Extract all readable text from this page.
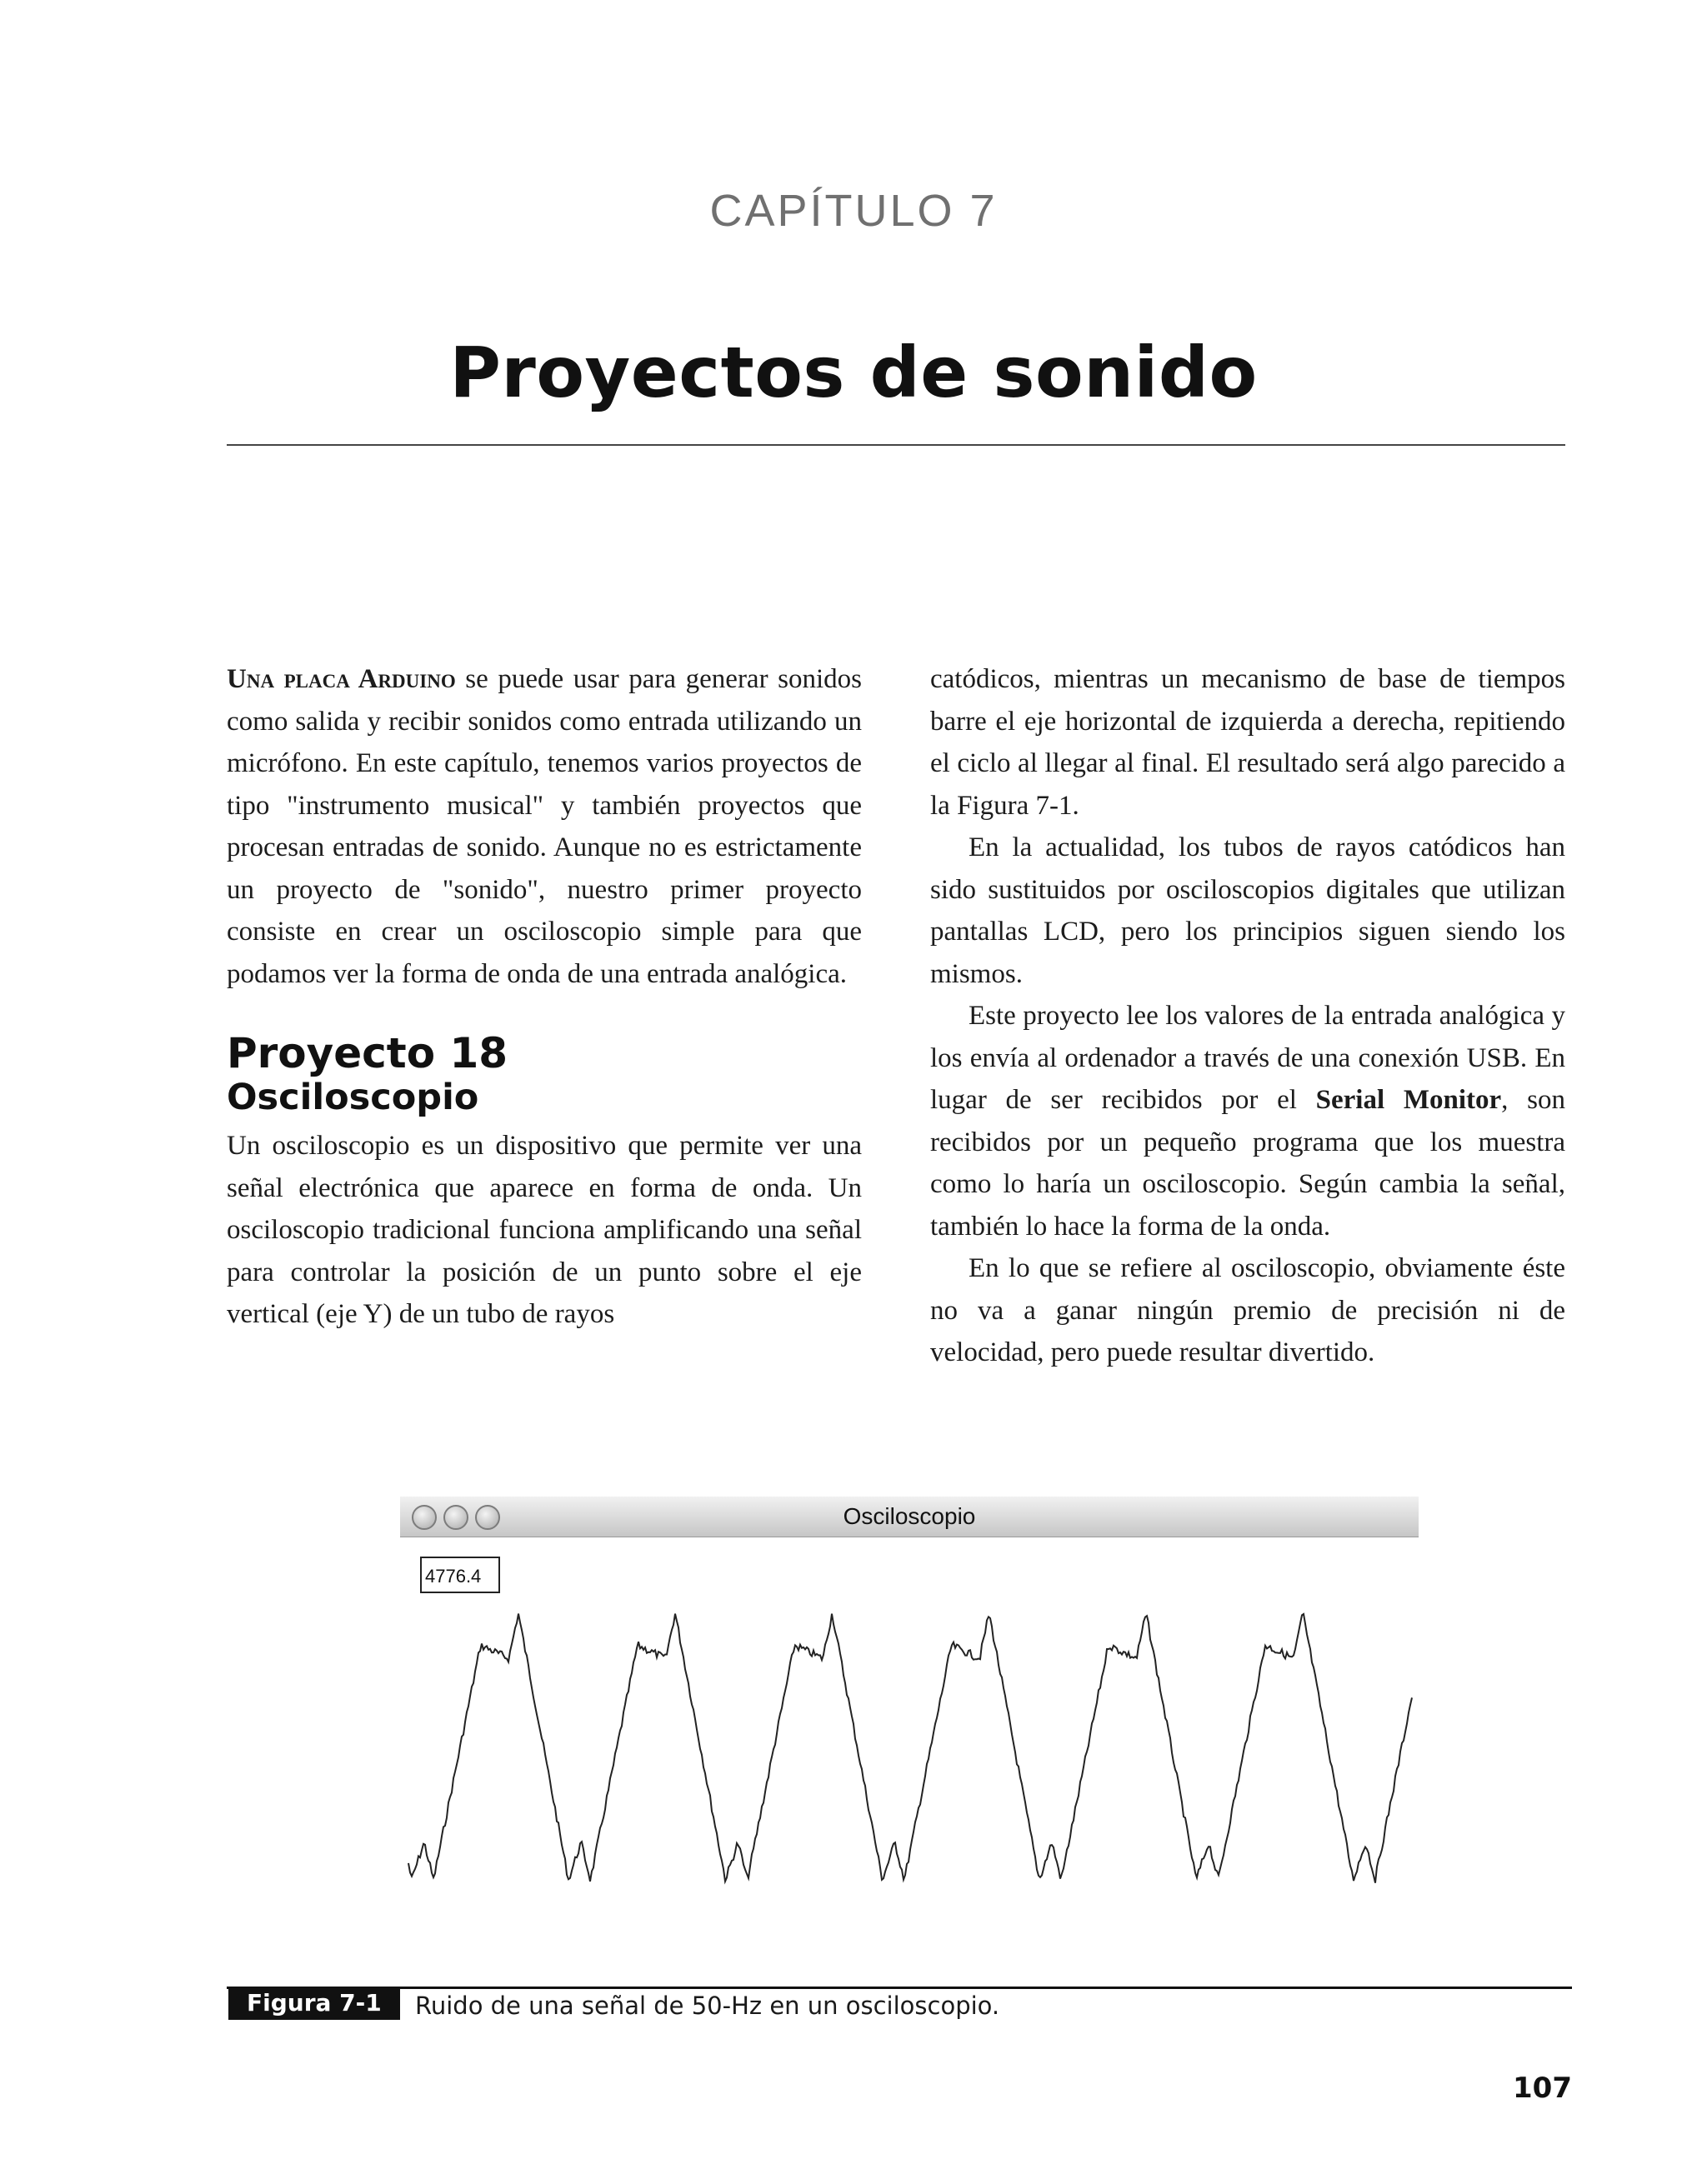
CAPÍTULO 7
Proyectos de sonido

Una placa Arduino se puede usar para generar sonidos como salida y recibir sonidos como entrada utilizando un micrófono. En este capítulo, tenemos varios proyectos de tipo "instrumento musical" y también proyectos que procesan entradas de sonido. Aunque no es estrictamente un proyecto de "sonido", nuestro primer proyecto consiste en crear un osciloscopio simple para que podamos ver la forma de onda de una entrada analógica.

Proyecto 18
Osciloscopio

Un osciloscopio es un dispositivo que permite ver una señal electrónica que aparece en forma de onda. Un osciloscopio tradicional funciona amplificando una señal para controlar la posición de un punto sobre el eje vertical (eje Y) de un tubo de rayos

catódicos, mientras un mecanismo de base de tiempos barre el eje horizontal de izquierda a derecha, repitiendo el ciclo al llegar al final. El resultado será algo parecido a la Figura 7-1.

En la actualidad, los tubos de rayos catódicos han sido sustituidos por osciloscopios digitales que utilizan pantallas LCD, pero los principios siguen siendo los mismos.

Este proyecto lee los valores de la entrada analógica y los envía al ordenador a través de una conexión USB. En lugar de ser recibidos por el Serial Monitor, son recibidos por un pequeño programa que los muestra como lo haría un osciloscopio. Según cambia la señal, también lo hace la forma de la onda.

En lo que se refiere al osciloscopio, obviamente éste no va a ganar ningún premio de precisión ni de velocidad, pero puede resultar divertido.

Osciloscopio
4776.4
Figura 7-1	Ruido de una señal de 50-Hz en un osciloscopio.
107
